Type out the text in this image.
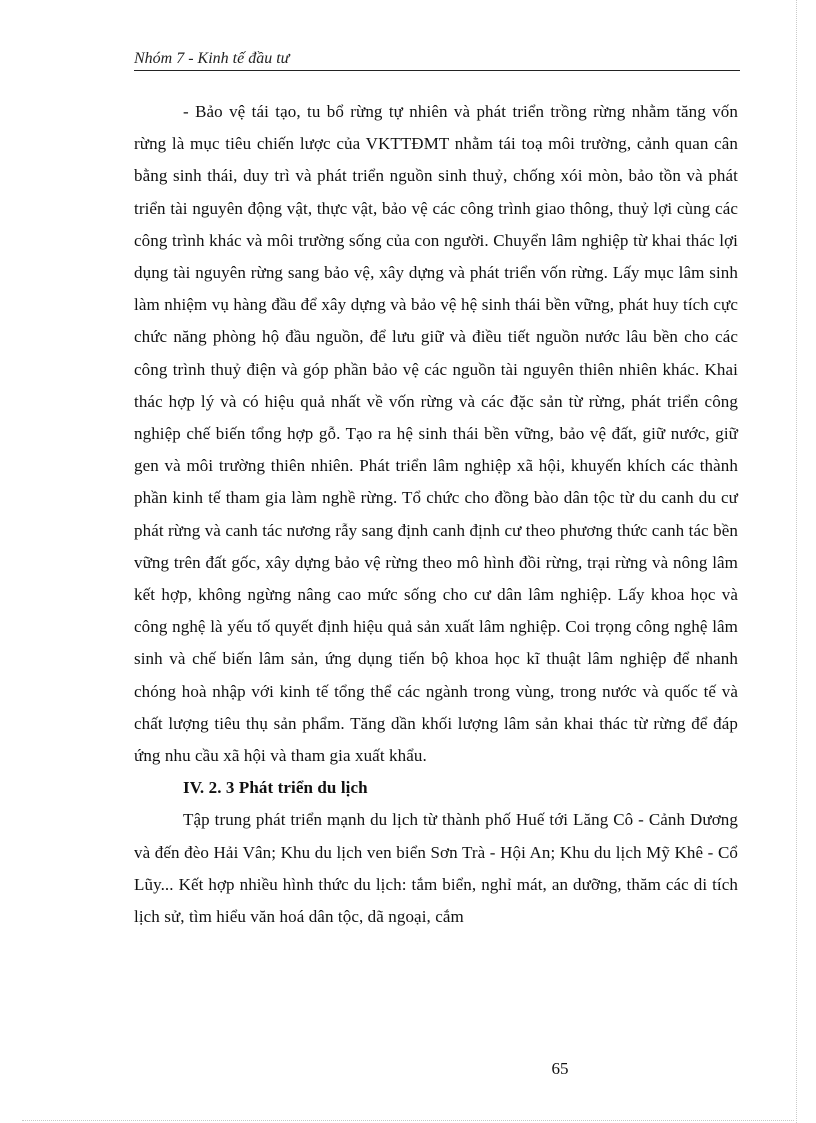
Nhóm 7 - Kinh tế đầu tư

- Bảo vệ tái tạo, tu bổ rừng tự nhiên và phát triển trồng rừng nhằm tăng vốn rừng là mục tiêu chiến lược của VKTTĐMT nhằm tái toạ môi trường, cảnh quan cân bằng sinh thái, duy trì và phát triển nguồn sinh thuỷ, chống xói mòn, bảo tồn và phát triển tài nguyên động vật, thực vật, bảo vệ các công trình giao thông, thuỷ lợi cùng các công trình khác và môi trường sống của con người. Chuyển lâm nghiệp từ khai thác lợi dụng tài nguyên rừng sang bảo vệ, xây dựng và phát triển vốn rừng. Lấy mục lâm sinh làm nhiệm vụ hàng đầu để xây dựng và bảo vệ hệ sinh thái bền vững, phát huy tích cực chức năng phòng hộ đầu nguồn, để lưu giữ và điều tiết nguồn nước lâu bền cho các công trình thuỷ điện và góp phần bảo vệ các nguồn tài nguyên thiên nhiên khác. Khai thác hợp lý và có hiệu quả nhất về vốn rừng và các đặc sản từ rừng, phát triển công nghiệp chế biến tổng hợp gỗ. Tạo ra hệ sinh thái bền vững, bảo vệ đất, giữ nước, giữ gen và môi trường thiên nhiên. Phát triển lâm nghiệp xã hội, khuyến khích các thành phần kinh tế tham gia làm nghề rừng. Tổ chức cho đồng bào dân tộc từ du canh du cư phát rừng và canh tác nương rẫy sang định canh định cư theo phương thức canh tác bền vững trên đất gốc, xây dựng bảo vệ rừng theo mô hình đồi rừng, trại rừng và nông lâm kết hợp, không ngừng nâng cao mức sống cho cư dân lâm nghiệp. Lấy khoa học và công nghệ là yếu tố quyết định hiệu quả sản xuất lâm nghiệp. Coi trọng công nghệ lâm sinh và chế biến lâm sản, ứng dụng tiến bộ khoa học kĩ thuật lâm nghiệp để nhanh chóng hoà nhập với kinh tế tổng thể các ngành trong vùng, trong nước và quốc tế và chất lượng tiêu thụ sản phẩm. Tăng dần khối lượng lâm sản khai thác từ rừng để đáp ứng nhu cầu xã hội và tham gia xuất khẩu.

IV. 2. 3 Phát triển du lịch

Tập trung phát triển mạnh du lịch từ thành phố Huế tới Lăng Cô - Cảnh Dương và đến đèo Hải Vân; Khu du lịch ven biển Sơn Trà - Hội An; Khu du lịch Mỹ Khê - Cổ Lũy... Kết hợp nhiều hình thức du lịch: tắm biển, nghỉ mát, an dưỡng, thăm các di tích lịch sử, tìm hiểu văn hoá dân tộc, dã ngoại, cắm

65
